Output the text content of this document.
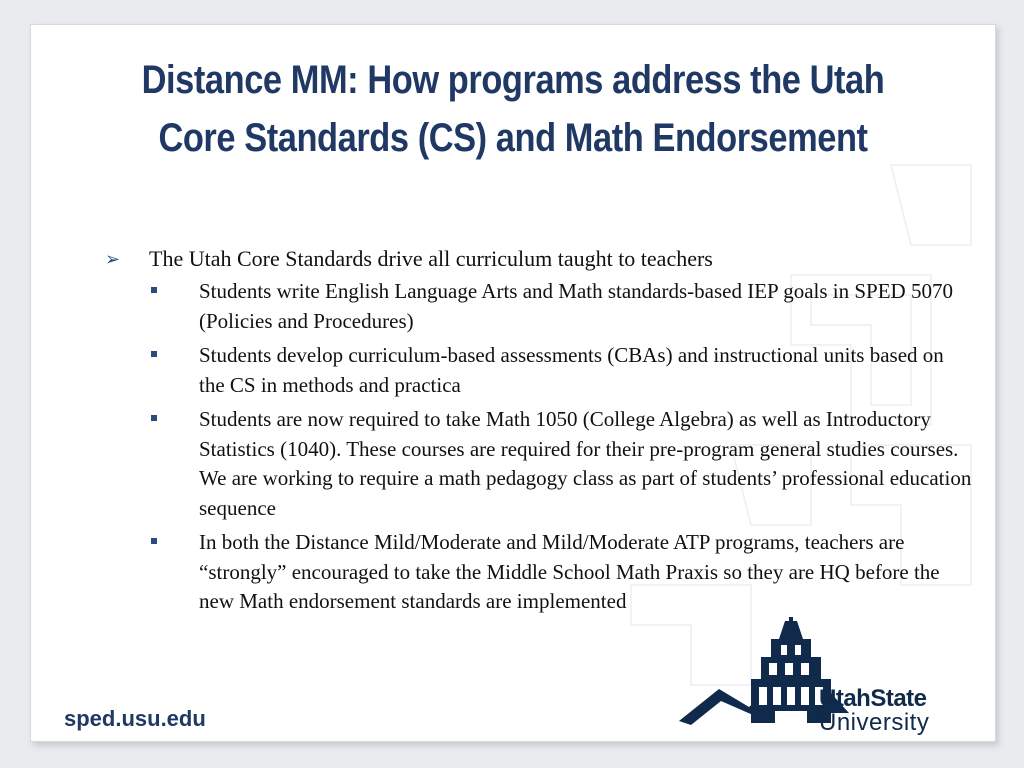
Distance MM: How programs address the Utah Core Standards (CS) and Math Endorsement
➢ The Utah Core Standards drive all curriculum taught to teachers
Students write English Language Arts and Math standards-based IEP goals in SPED 5070 (Policies and Procedures)
Students develop curriculum-based assessments (CBAs) and instructional units based on the CS in methods and practica
Students are now required to take Math 1050 (College Algebra) as well as Introductory Statistics (1040). These courses are required for their pre-program general studies courses. We are working to require a math pedagogy class as part of students’ professional education sequence
In both the Distance Mild/Moderate and Mild/Moderate ATP programs, teachers are “strongly” encouraged to take the Middle School Math Praxis so they are HQ before the new Math endorsement standards are implemented
sped.usu.edu
UtahState
University
